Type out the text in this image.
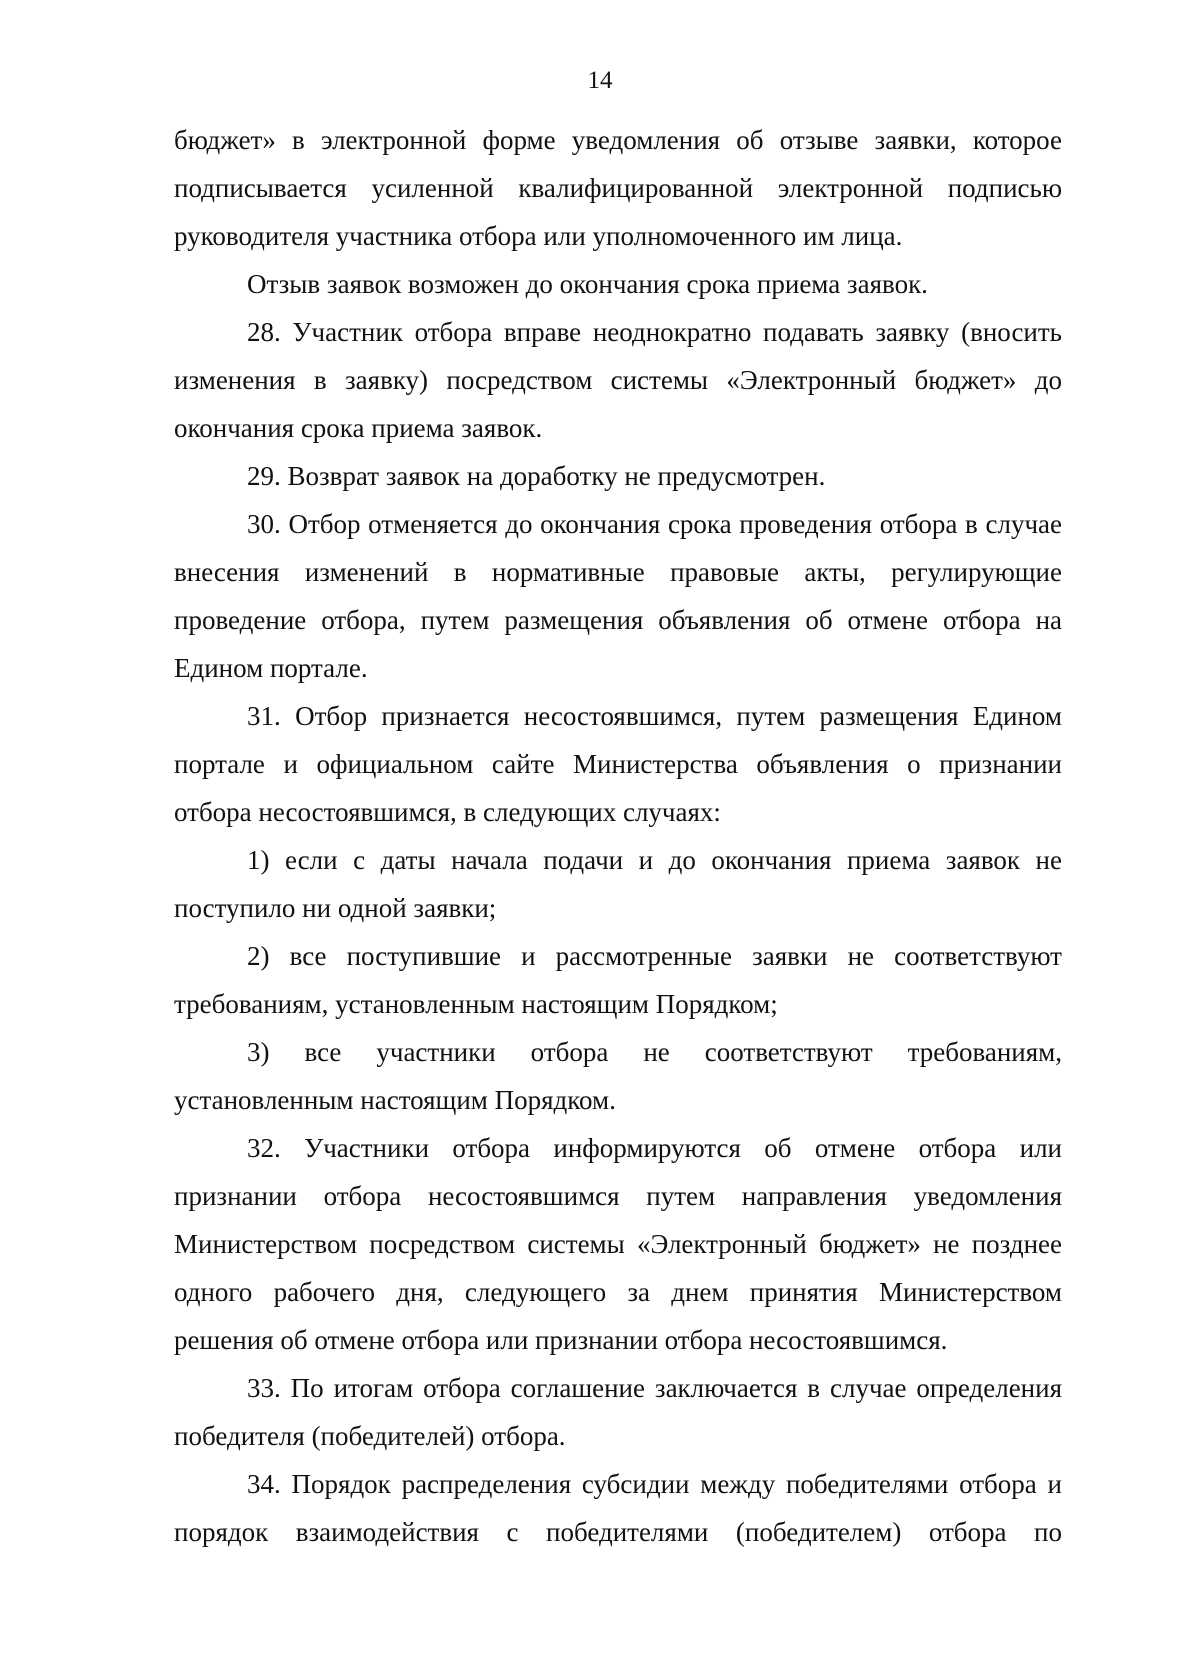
14

бюджет» в электронной форме уведомления об отзыве заявки, которое подписывается усиленной квалифицированной электронной подписью руководителя участника отбора или уполномоченного им лица.

Отзыв заявок возможен до окончания срока приема заявок.

28. Участник отбора вправе неоднократно подавать заявку (вносить изменения в заявку) посредством системы «Электронный бюджет» до окончания срока приема заявок.

29. Возврат заявок на доработку не предусмотрен.

30. Отбор отменяется до окончания срока проведения отбора в случае внесения изменений в нормативные правовые акты, регулирующие проведение отбора, путем размещения объявления об отмене отбора на Едином портале.

31. Отбор признается несостоявшимся, путем размещения Едином портале и официальном сайте Министерства объявления о признании отбора несостоявшимся, в следующих случаях:

1) если с даты начала подачи и до окончания приема заявок не поступило ни одной заявки;

2) все поступившие и рассмотренные заявки не соответствуют требованиям, установленным настоящим Порядком;

3) все участники отбора не соответствуют требованиям, установленным настоящим Порядком.

32. Участники отбора информируются об отмене отбора или признании отбора несостоявшимся путем направления уведомления Министерством посредством системы «Электронный бюджет» не позднее одного рабочего дня, следующего за днем принятия Министерством решения об отмене отбора или признании отбора несостоявшимся.

33. По итогам отбора соглашение заключается в случае определения победителя (победителей) отбора.

34. Порядок распределения субсидии между победителями отбора и порядок взаимодействия с победителями (победителем) отбора по
